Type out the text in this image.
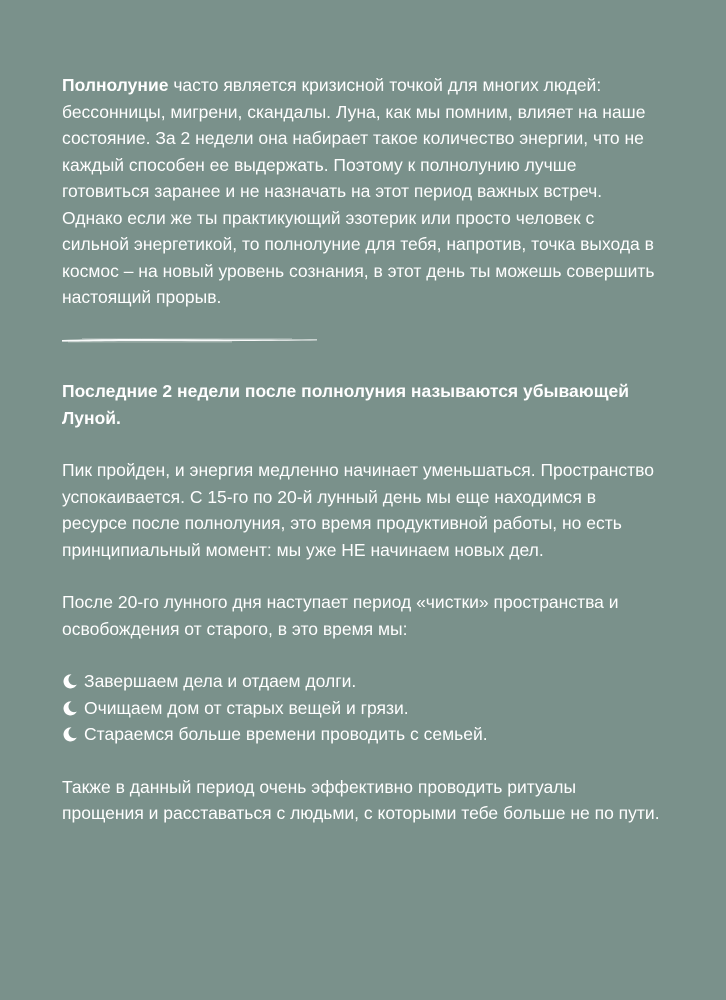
Полнолуние часто является кризисной точкой для многих людей: бессонницы, мигрени, скандалы. Луна, как мы помним, влияет на наше состояние. За 2 недели она набирает такое количество энергии, что не каждый способен ее выдержать. Поэтому к полнолунию лучше готовиться заранее и не назначать на этот период важных встреч. Однако если же ты практикующий эзотерик или просто человек с сильной энергетикой, то полнолуние для тебя, напротив, точка выхода в космос – на новый уровень сознания, в этот день ты можешь совершить настоящий прорыв.

Последние 2 недели после полнолуния называются убывающей Луной.

Пик пройден, и энергия медленно начинает уменьшаться. Пространство успокаивается. С 15-го по 20-й лунный день мы еще находимся в ресурсе после полнолуния, это время продуктивной работы, но есть принципиальный момент: мы уже НЕ начинаем новых дел.

После 20-го лунного дня наступает период «чистки» пространства и освобождения от старого, в это время мы:

Завершаем дела и отдаем долги.
Очищаем дом от старых вещей и грязи.
Стараемся больше времени проводить с семьей.

Также в данный период очень эффективно проводить ритуалы прощения и расставаться с людьми, с которыми тебе больше не по пути.
